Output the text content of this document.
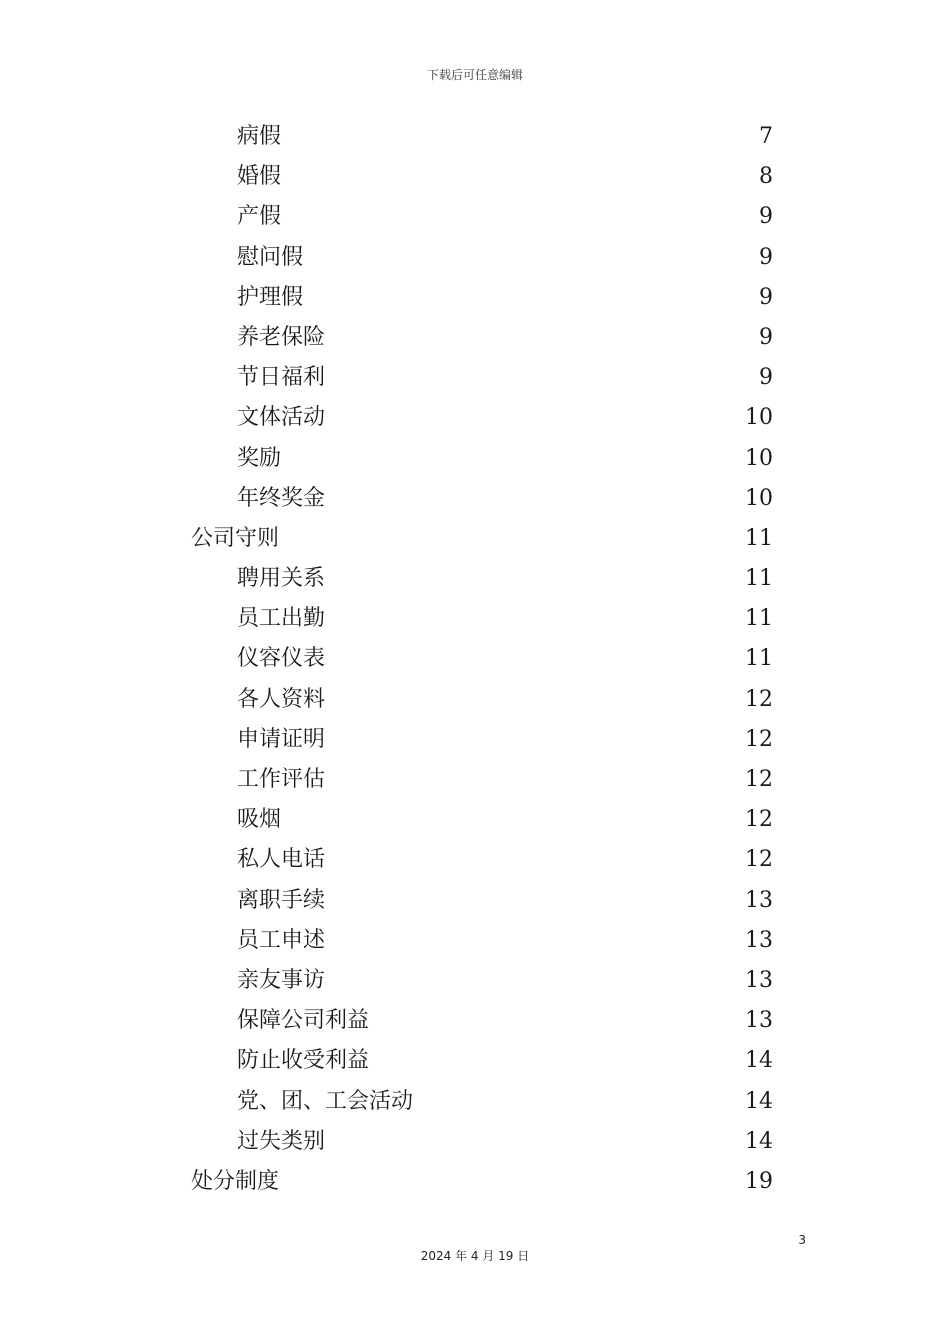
下载后可任意编辑
病假	7
婚假	8
产假	9
慰问假	9
护理假	9
养老保险	9
节日福利	9
文体活动	10
奖励	10
年终奖金	10
公司守则	11
聘用关系	11
员工出勤	11
仪容仪表	11
各人资料	12
申请证明	12
工作评估	12
吸烟	12
私人电话	12
离职手续	13
员工申述	13
亲友事访	13
保障公司利益	13
防止收受利益	14
党、团、工会活动	14
过失类别	14
处分制度	19
3
2024 年 4 月 19 日
